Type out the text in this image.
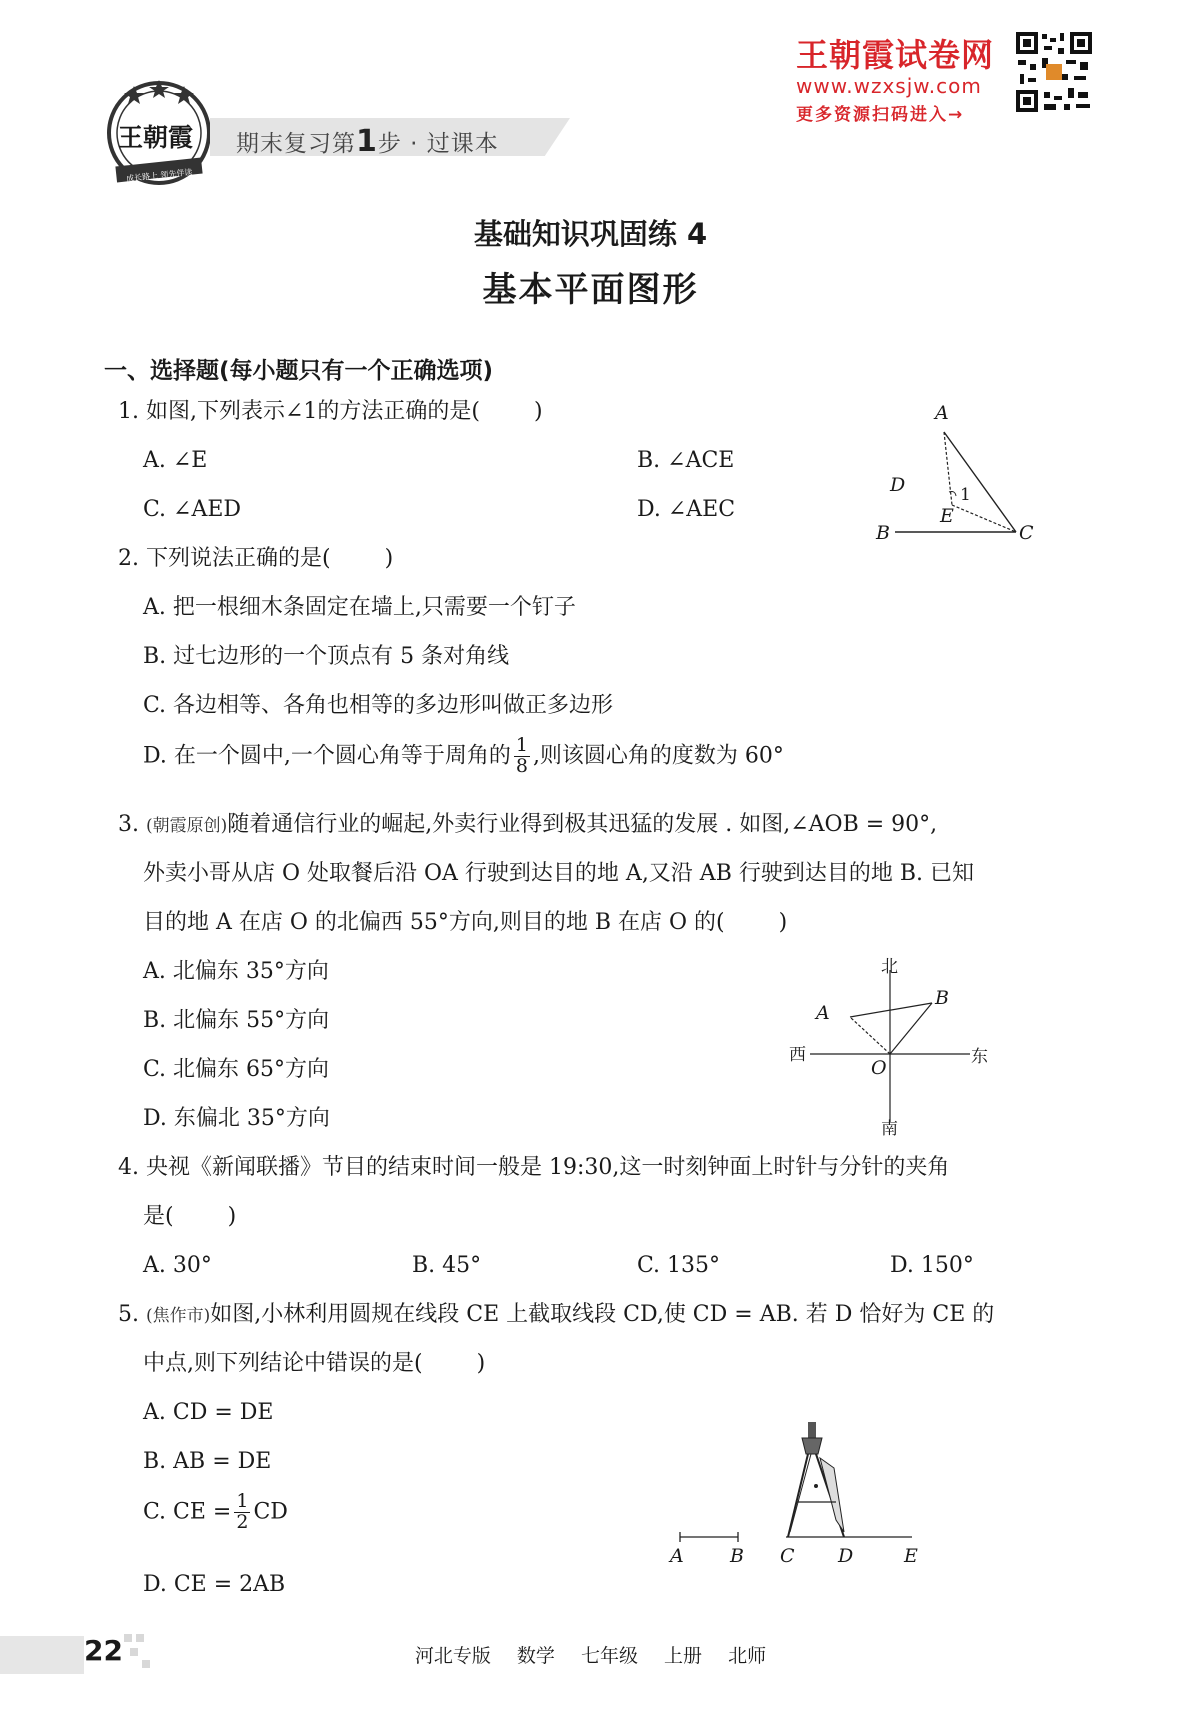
王朝霞
成长路上 领先伴读
期末复习第1步 · 过课本
王朝霞试卷网
www.wzxsjw.com
更多资源扫码进入→
基础知识巩固练 4
基本平面图形
一、选择题(每小题只有一个正确选项)
1. 如图,下列表示∠1的方法正确的是( )
A. ∠E	B. ∠ACE
C. ∠AED	D. ∠AEC
A
D	1
E
B	C
2. 下列说法正确的是( )
A. 把一根细木条固定在墙上,只需要一个钉子
B. 过七边形的一个顶点有 5 条对角线
C. 各边相等、各角也相等的多边形叫做正多边形
D. 在一个圆中,一个圆心角等于周角的 $\frac{1}{8}$ ,则该圆心角的度数为 60°
3. (朝霞原创)随着通信行业的崛起,外卖行业得到极其迅猛的发展 . 如图,∠AOB = 90°,
外卖小哥从店 O 处取餐后沿 OA 行驶到达目的地 A,又沿 AB 行驶到达目的地 B. 已知
目的地 A 在店 O 的北偏西 55°方向,则目的地 B 在店 O 的( )
A. 北偏东 35°方向
B. 北偏东 55°方向
C. 北偏东 65°方向
D. 东偏北 35°方向
北
B
A
西	东
O
南
4. 央视《新闻联播》节目的结束时间一般是 19:30,这一时刻钟面上时针与分针的夹角
是( )
A. 30°	B. 45°	C. 135°	D. 150°
5. (焦作市)如图,小林利用圆规在线段 CE 上截取线段 CD,使 CD = AB. 若 D 恰好为 CE 的
中点,则下列结论中错误的是( )
A. CD = DE
B. AB = DE
C. CE = $\frac{1}{2}$ CD
D. CE = 2AB
A B C D	E
22	河北专版 数学 七年级 上册 北师
